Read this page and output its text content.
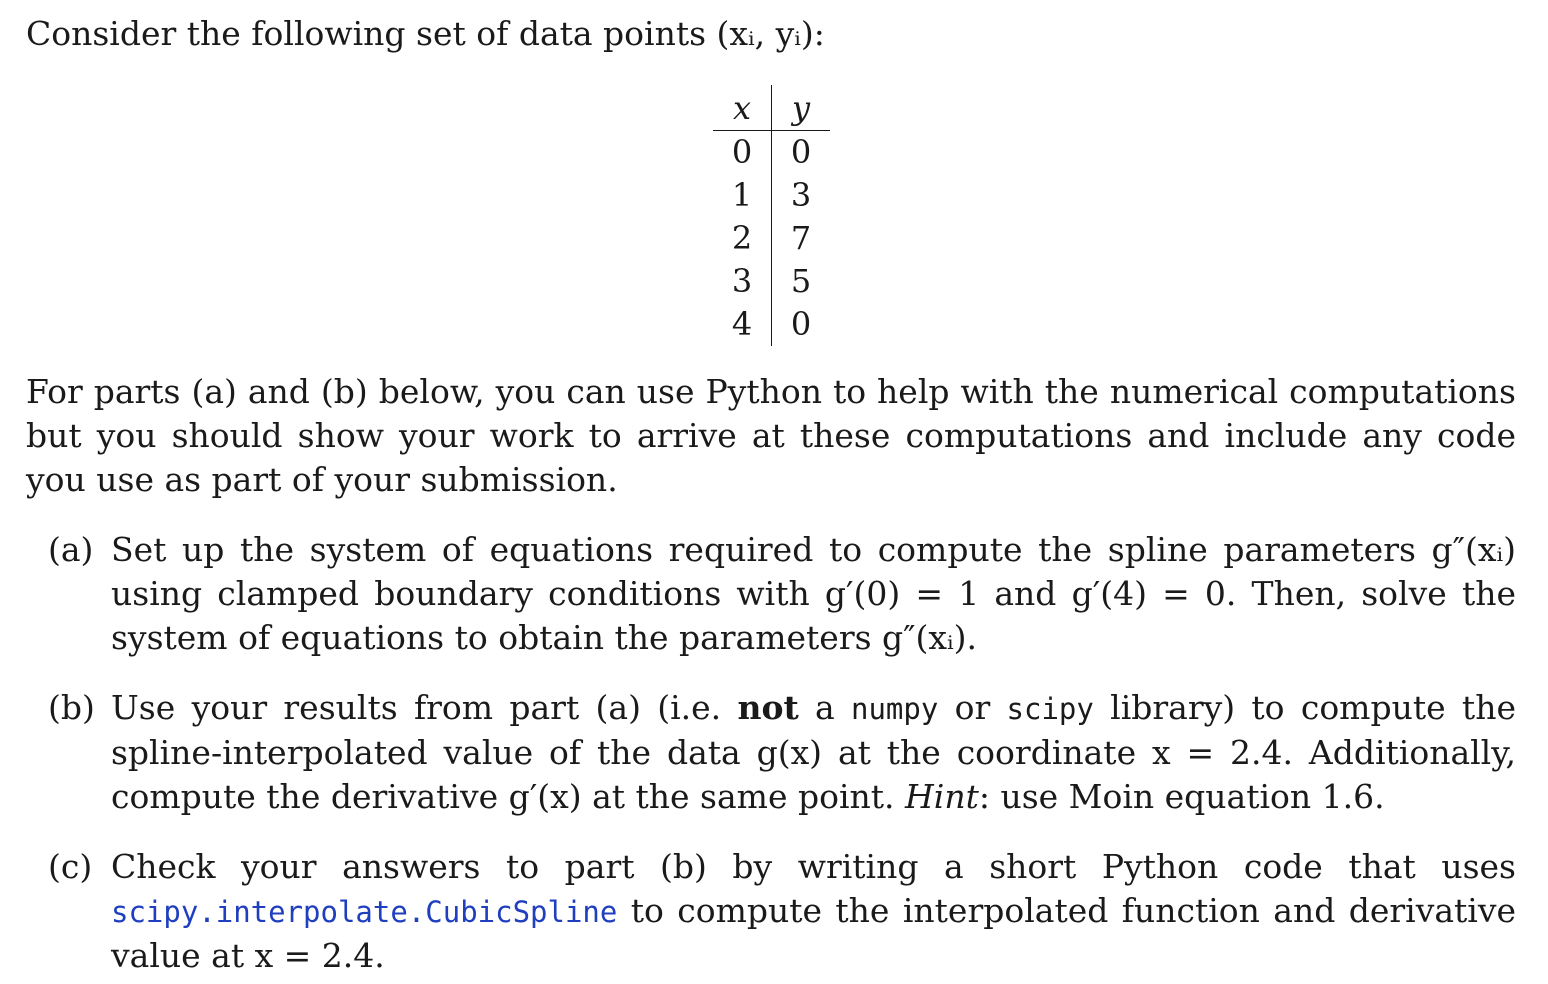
Consider the following set of data points (xᵢ, yᵢ):
x	y
0	0
1	3
2	7
3	5
4	0
For parts (a) and (b) below, you can use Python to help with the numerical computations but you should show your work to arrive at these computations and include any code you use as part of your submission.
(a) Set up the system of equations required to compute the spline parameters g″(xᵢ) using clamped boundary conditions with g′(0) = 1 and g′(4) = 0. Then, solve the system of equations to obtain the parameters g″(xᵢ).
(b) Use your results from part (a) (i.e. not a numpy or scipy library) to compute the spline-interpolated value of the data g(x) at the coordinate x = 2.4. Additionally, compute the derivative g′(x) at the same point. Hint: use Moin equation 1.6.
(c) Check your answers to part (b) by writing a short Python code that uses scipy.interpolate.CubicSpline to compute the interpolated function and derivative value at x = 2.4.
